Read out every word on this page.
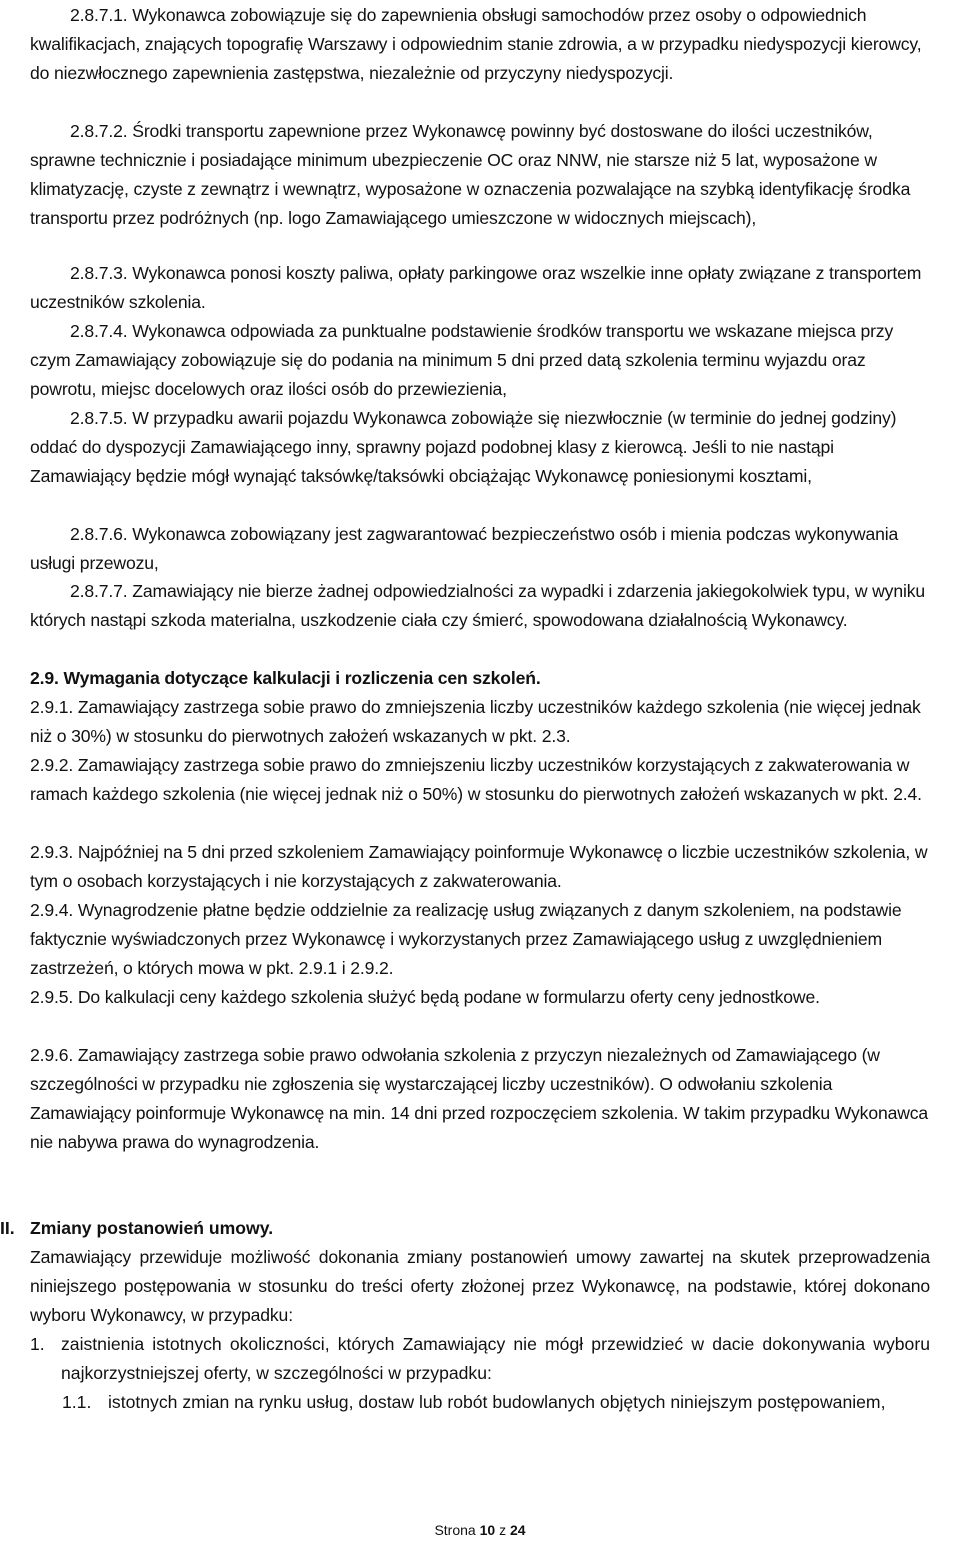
2.8.7.1. Wykonawca zobowiązuje się do zapewnienia obsługi samochodów przez osoby o odpowiednich kwalifikacjach, znających topografię Warszawy i odpowiednim stanie zdrowia, a w przypadku niedyspozycji kierowcy, do niezwłocznego zapewnienia zastępstwa, niezależnie od przyczyny niedyspozycji.

2.8.7.2. Środki transportu zapewnione przez Wykonawcę powinny być dostoswane do ilości uczestników, sprawne technicznie i posiadające minimum ubezpieczenie OC oraz NNW, nie starsze niż 5 lat, wyposażone w klimatyzację, czyste z zewnątrz i wewnątrz, wyposażone w oznaczenia pozwalające na szybką identyfikację środka transportu przez podróżnych (np. logo Zamawiającego umieszczone w widocznych miejscach),

2.8.7.3. Wykonawca ponosi koszty paliwa, opłaty parkingowe oraz wszelkie inne opłaty związane z transportem uczestników szkolenia.

2.8.7.4. Wykonawca odpowiada za punktualne podstawienie środków transportu we wskazane miejsca przy czym Zamawiający zobowiązuje się do podania na minimum 5 dni przed datą szkolenia terminu wyjazdu oraz powrotu, miejsc docelowych oraz ilości osób do przewiezienia,

2.8.7.5. W przypadku awarii pojazdu Wykonawca zobowiąże się niezwłocznie (w terminie do jednej godziny) oddać do dyspozycji Zamawiającego inny, sprawny pojazd podobnej klasy z kierowcą. Jeśli to nie nastąpi Zamawiający będzie mógł wynająć taksówkę/taksówki obciążając Wykonawcę poniesionymi kosztami,

2.8.7.6. Wykonawca zobowiązany jest zagwarantować bezpieczeństwo osób i mienia podczas wykonywania usługi przewozu,

2.8.7.7. Zamawiający nie bierze żadnej odpowiedzialności za wypadki i zdarzenia jakiegokolwiek typu, w wyniku których nastąpi szkoda materialna, uszkodzenie ciała czy śmierć, spowodowana działalnością Wykonawcy.

2.9. Wymagania dotyczące kalkulacji i rozliczenia cen szkoleń.

2.9.1. Zamawiający zastrzega sobie prawo do zmniejszenia liczby uczestników każdego szkolenia (nie więcej jednak niż o 30%) w stosunku do pierwotnych założeń wskazanych w pkt. 2.3.

2.9.2. Zamawiający zastrzega sobie prawo do zmniejszeniu liczby uczestników korzystających z zakwaterowania w ramach każdego szkolenia (nie więcej jednak niż o 50%) w stosunku do pierwotnych założeń wskazanych w pkt. 2.4.

2.9.3. Najpóźniej na 5 dni przed szkoleniem Zamawiający poinformuje Wykonawcę o liczbie uczestników szkolenia, w tym o osobach korzystających i nie korzystających z zakwaterowania.

2.9.4. Wynagrodzenie płatne będzie oddzielnie za realizację usług związanych z danym szkoleniem, na podstawie faktycznie wyświadczonych przez Wykonawcę i wykorzystanych przez Zamawiającego usług z uwzględnieniem zastrzeżeń, o których mowa w pkt. 2.9.1 i 2.9.2.

2.9.5. Do kalkulacji ceny każdego szkolenia służyć będą podane w formularzu oferty ceny jednostkowe.

2.9.6. Zamawiający zastrzega sobie prawo odwołania szkolenia z przyczyn niezależnych od Zamawiającego (w szczególności w przypadku nie zgłoszenia się wystarczającej liczby uczestników). O odwołaniu szkolenia Zamawiający poinformuje Wykonawcę na min. 14 dni przed rozpoczęciem szkolenia. W takim przypadku Wykonawca nie nabywa prawa do wynagrodzenia.

II. Zmiany postanowień umowy.

Zamawiający przewiduje możliwość dokonania zmiany postanowień umowy zawartej na skutek przeprowadzenia niniejszego postępowania w stosunku do treści oferty złożonej przez Wykonawcę, na podstawie, której dokonano wyboru Wykonawcy, w przypadku:

1. zaistnienia istotnych okoliczności, których Zamawiający nie mógł przewidzieć w dacie dokonywania wyboru najkorzystniejszej oferty, w szczególności w przypadku:
1.1. istotnych zmian na rynku usług, dostaw lub robót budowlanych objętych niniejszym postępowaniem,
Strona 10 z 24
